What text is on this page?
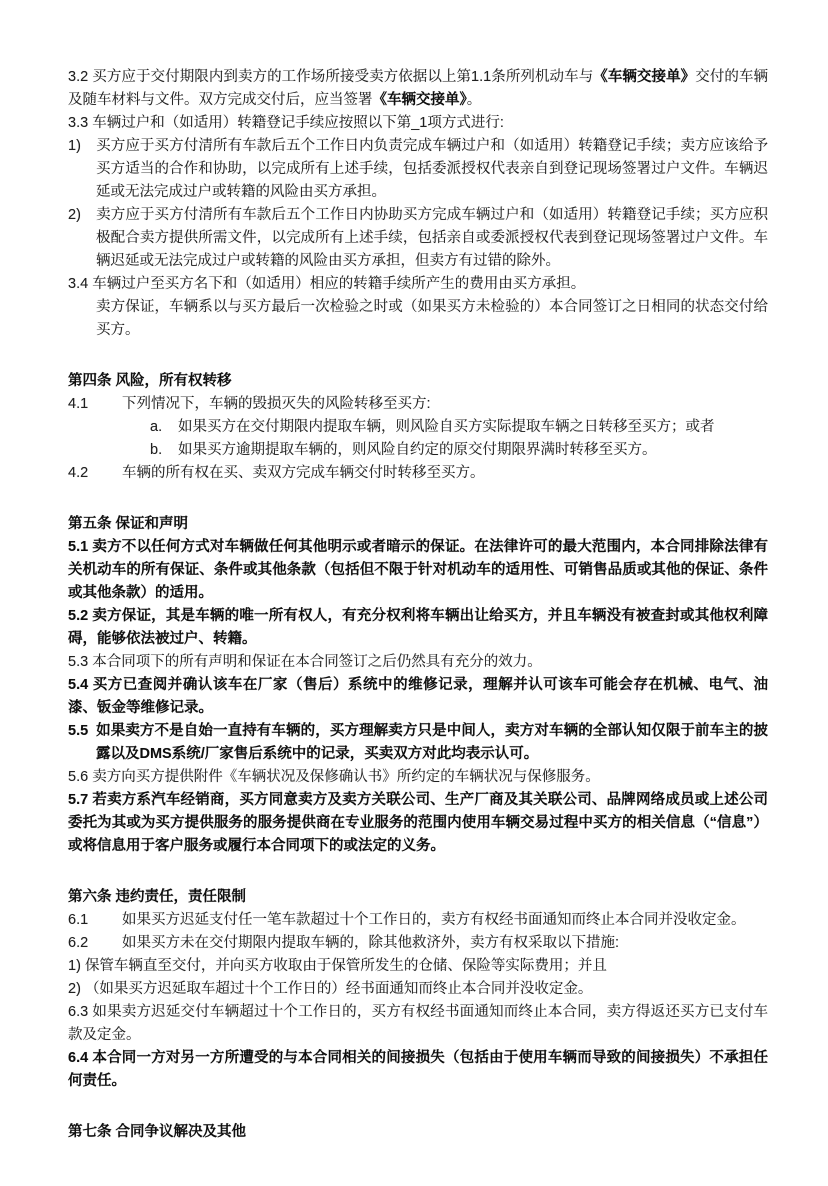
3.2 买方应于交付期限内到卖方的工作场所接受卖方依据以上第1.1条所列机动车与《车辆交接单》交付的车辆及随车材料与文件。双方完成交付后，应当签署《车辆交接单》。
3.3 车辆过户和（如适用）转籍登记手续应按照以下第_1项方式进行:
1) 买方应于买方付清所有车款后五个工作日内负责完成车辆过户和（如适用）转籍登记手续；卖方应该给予买方适当的合作和协助，以完成所有上述手续，包括委派授权代表亲自到登记现场签署过户文件。车辆迟延或无法完成过户或转籍的风险由买方承担。
2) 卖方应于买方付清所有车款后五个工作日内协助买方完成车辆过户和（如适用）转籍登记手续；买方应积极配合卖方提供所需文件，以完成所有上述手续，包括亲自或委派授权代表到登记现场签署过户文件。车辆迟延或无法完成过户或转籍的风险由买方承担，但卖方有过错的除外。
3.4 车辆过户至买方名下和（如适用）相应的转籍手续所产生的费用由买方承担。
卖方保证，车辆系以与买方最后一次检验之时或（如果买方未检验的）本合同签订之日相同的状态交付给买方。
第四条 风险，所有权转移
4.1 下列情况下，车辆的毁损灭失的风险转移至买方:
a. 如果买方在交付期限内提取车辆，则风险自买方实际提取车辆之日转移至买方；或者
b. 如果买方逾期提取车辆的，则风险自约定的原交付期限界满时转移至买方。
4.2 车辆的所有权在买、卖双方完成车辆交付时转移至买方。
第五条 保证和声明
5.1 卖方不以任何方式对车辆做任何其他明示或者暗示的保证。在法律许可的最大范围内，本合同排除法律有关机动车的所有保证、条件或其他条款（包括但不限于针对机动车的适用性、可销售品质或其他的保证、条件或其他条款）的适用。
5.2 卖方保证，其是车辆的唯一所有权人，有充分权利将车辆出让给买方，并且车辆没有被查封或其他权利障碍，能够依法被过户、转籍。
5.3 本合同项下的所有声明和保证在本合同签订之后仍然具有充分的效力。
5.4 买方已查阅并确认该车在厂家（售后）系统中的维修记录，理解并认可该车可能会存在机械、电气、油漆、钣金等维修记录。
5.5 如果卖方不是自始一直持有车辆的，买方理解卖方只是中间人，卖方对车辆的全部认知仅限于前车主的披露以及DMS系统/厂家售后系统中的记录，买卖双方对此均表示认可。
5.6 卖方向买方提供附件《车辆状况及保修确认书》所约定的车辆状况与保修服务。
5.7 若卖方系汽车经销商，买方同意卖方及卖方关联公司、生产厂商及其关联公司、品牌网络成员或上述公司委托为其或为买方提供服务的服务提供商在专业服务的范围内使用车辆交易过程中买方的相关信息（“信息”）或将信息用于客户服务或履行本合同项下的或法定的义务。
第六条 违约责任，责任限制
6.1 如果买方迟延支付任一笔车款超过十个工作日的，卖方有权经书面通知而终止本合同并没收定金。
6.2 如果买方未在交付期限内提取车辆的，除其他救济外，卖方有权采取以下措施:
1) 保管车辆直至交付，并向买方收取由于保管所发生的仓储、保险等实际费用；并且
2) （如果买方迟延取车超过十个工作日的）经书面通知而终止本合同并没收定金。
6.3 如果卖方迟延交付车辆超过十个工作日的，买方有权经书面通知而终止本合同，卖方得返还买方已支付车款及定金。
6.4 本合同一方对另一方所遭受的与本合同相关的间接损失（包括由于使用车辆而导致的间接损失）不承担任何责任。
第七条 合同争议解决及其他
